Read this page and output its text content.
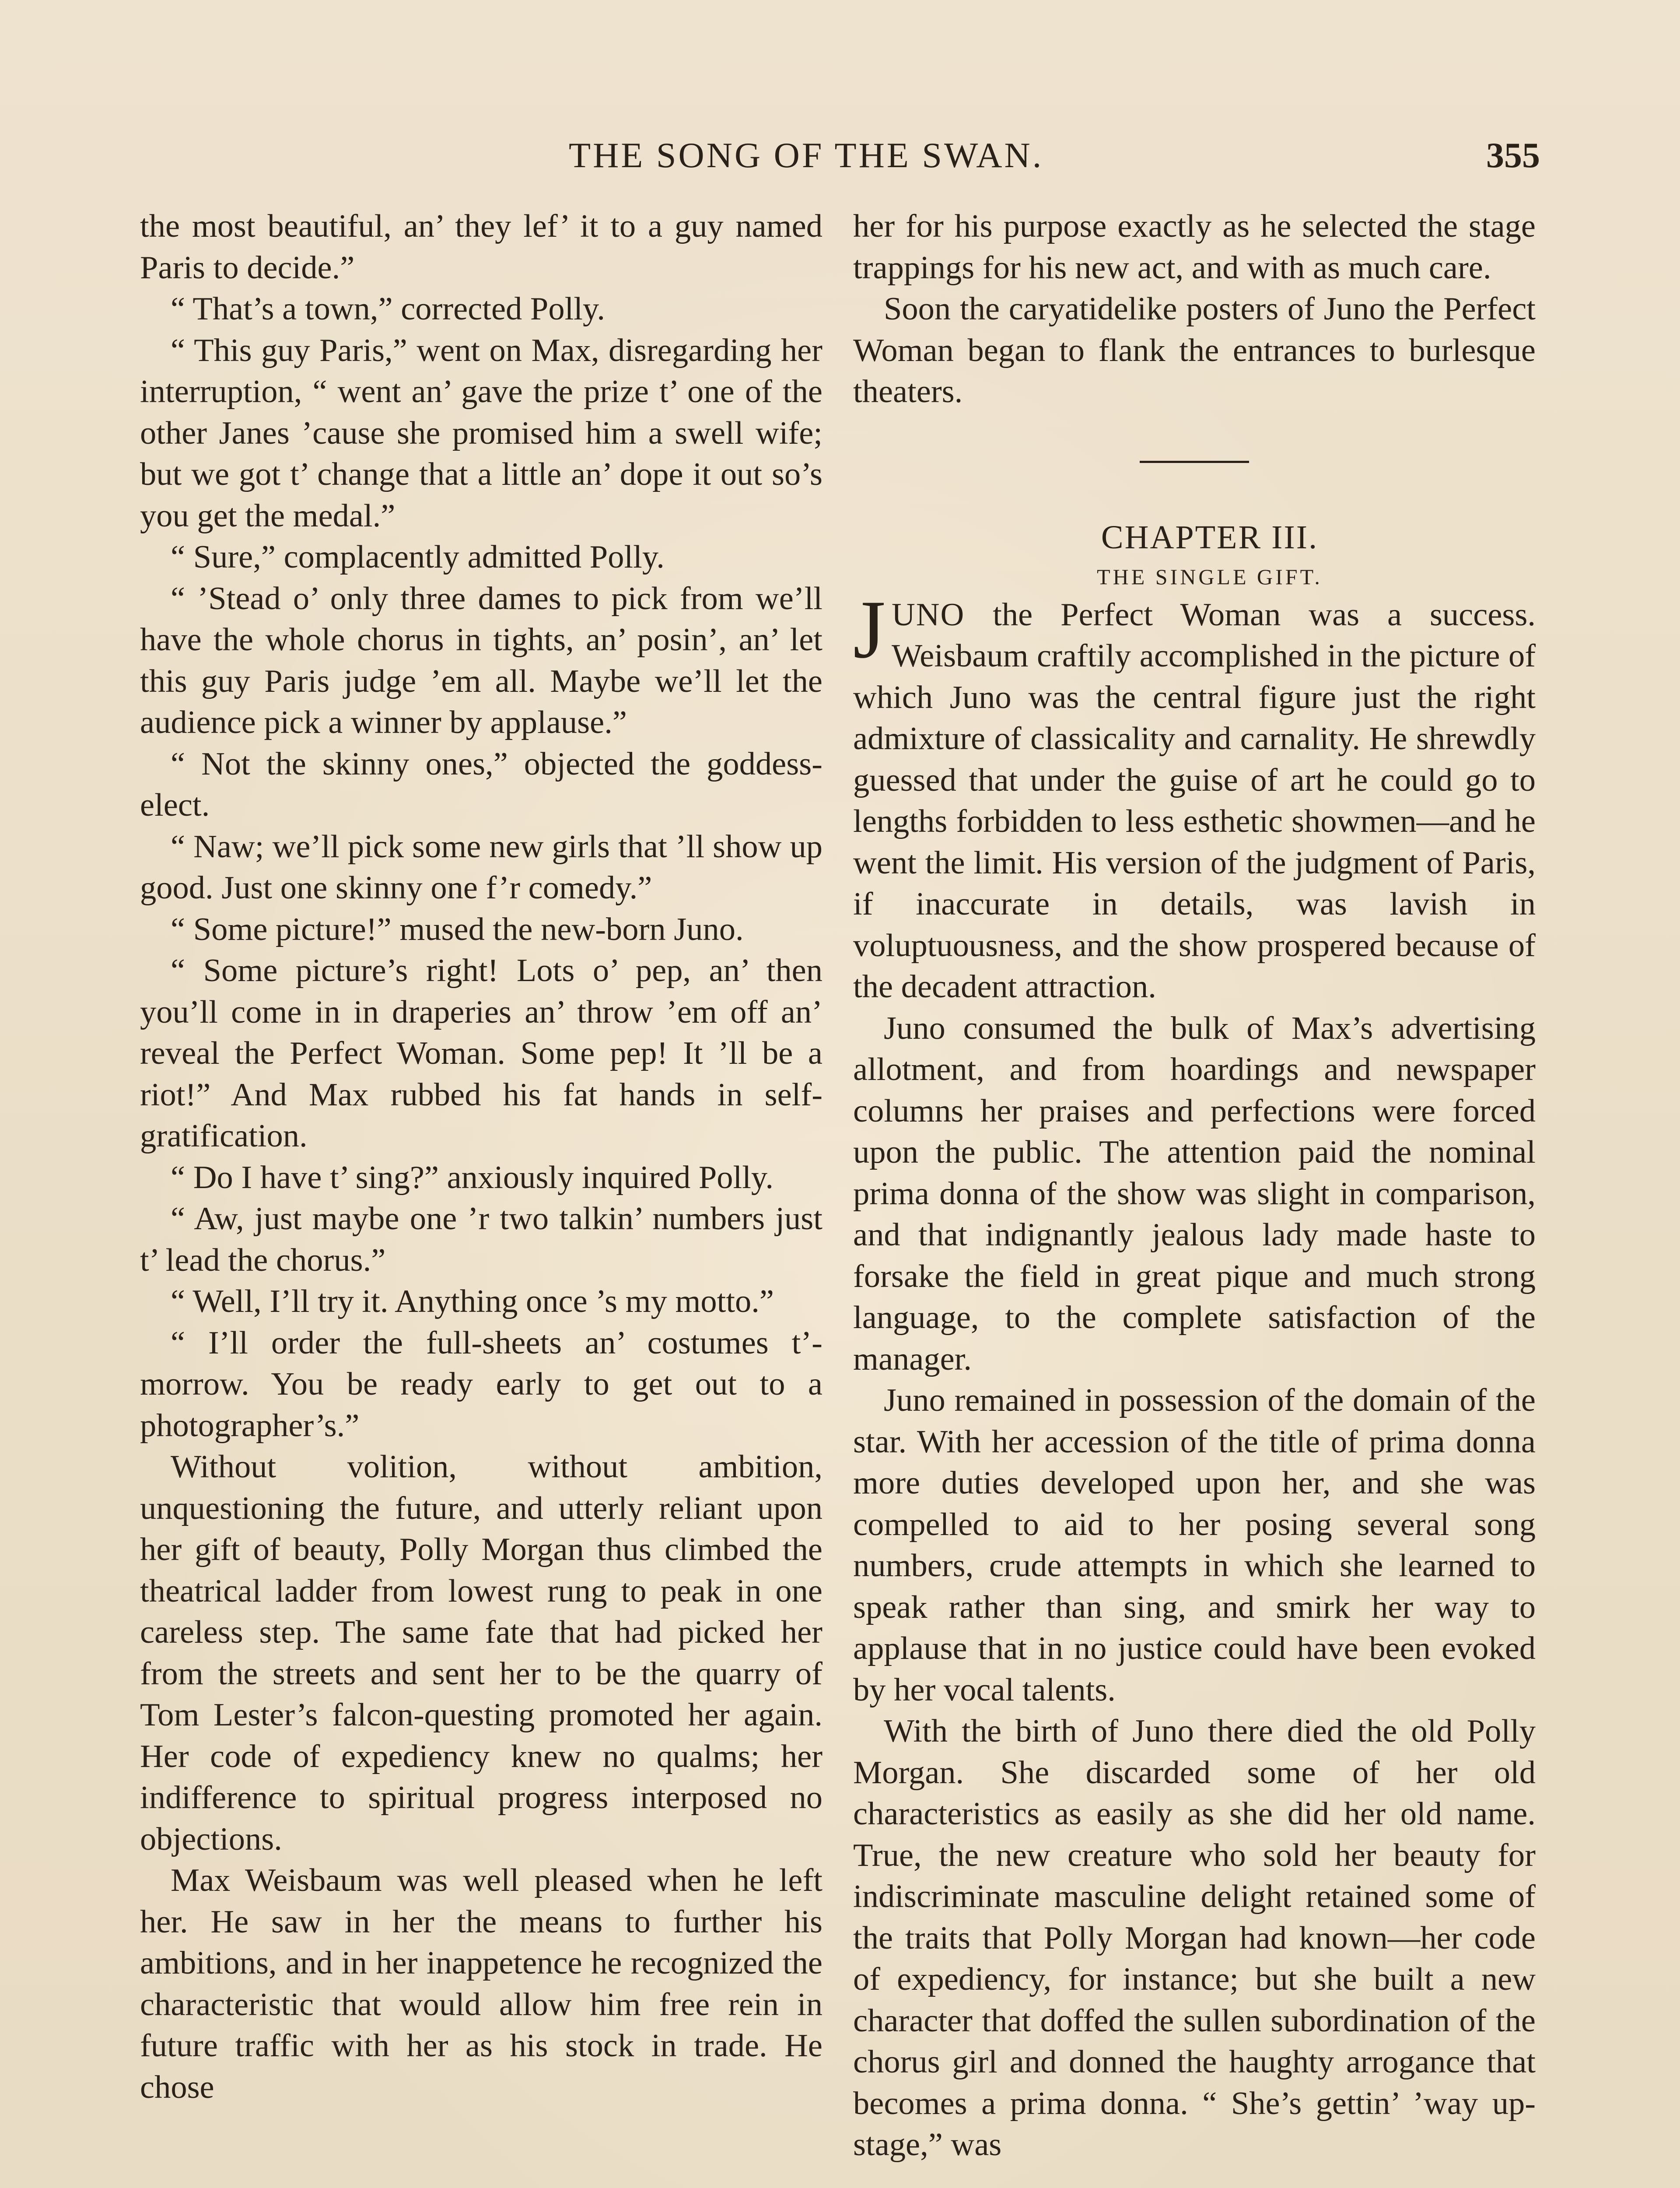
THE SONG OF THE SWAN.	355

the most beautiful, an’ they lef’ it to a guy named Paris to decide.”

“ That’s a town,” corrected Polly.

“ This guy Paris,” went on Max, disregarding her interruption, “ went an’ gave the prize t’ one of the other Janes ’cause she promised him a swell wife; but we got t’ change that a little an’ dope it out so’s you get the medal.”

“ Sure,” complacently admitted Polly.

“ ’Stead o’ only three dames to pick from we’ll have the whole chorus in tights, an’ posin’, an’ let this guy Paris judge ’em all. Maybe we’ll let the audience pick a winner by applause.”

“ Not the skinny ones,” objected the goddess-elect.

“ Naw; we’ll pick some new girls that ’ll show up good. Just one skinny one f’r comedy.”

“ Some picture!” mused the new-born Juno.

“ Some picture’s right! Lots o’ pep, an’ then you’ll come in in draperies an’ throw ’em off an’ reveal the Perfect Woman. Some pep! It ’ll be a riot!” And Max rubbed his fat hands in self-gratification.

“ Do I have t’ sing?” anxiously inquired Polly.

“ Aw, just maybe one ’r two talkin’ numbers just t’ lead the chorus.”

“ Well, I’ll try it. Anything once ’s my motto.”

“ I’ll order the full-sheets an’ costumes t’-morrow. You be ready early to get out to a photographer’s.”

Without volition, without ambition, unquestioning the future, and utterly reliant upon her gift of beauty, Polly Morgan thus climbed the theatrical ladder from lowest rung to peak in one careless step. The same fate that had picked her from the streets and sent her to be the quarry of Tom Lester’s falcon-questing promoted her again. Her code of expediency knew no qualms; her indifference to spiritual progress interposed no objections.

Max Weisbaum was well pleased when he left her. He saw in her the means to further his ambitions, and in her inappetence he recognized the characteristic that would allow him free rein in future traffic with her as his stock in trade. He chose

her for his purpose exactly as he selected the stage trappings for his new act, and with as much care.

Soon the caryatidelike posters of Juno the Perfect Woman began to flank the entrances to burlesque theaters.

CHAPTER III.

THE SINGLE GIFT.

JUNO the Perfect Woman was a success. Weisbaum craftily accomplished in the picture of which Juno was the central figure just the right admixture of classicality and carnality. He shrewdly guessed that under the guise of art he could go to lengths forbidden to less esthetic showmen—and he went the limit. His version of the judgment of Paris, if inaccurate in details, was lavish in voluptuousness, and the show prospered because of the decadent attraction.

Juno consumed the bulk of Max’s advertising allotment, and from hoardings and newspaper columns her praises and perfections were forced upon the public. The attention paid the nominal prima donna of the show was slight in comparison, and that indignantly jealous lady made haste to forsake the field in great pique and much strong language, to the complete satisfaction of the manager.

Juno remained in possession of the domain of the star. With her accession of the title of prima donna more duties developed upon her, and she was compelled to aid to her posing several song numbers, crude attempts in which she learned to speak rather than sing, and smirk her way to applause that in no justice could have been evoked by her vocal talents.

With the birth of Juno there died the old Polly Morgan. She discarded some of her old characteristics as easily as she did her old name. True, the new creature who sold her beauty for indiscriminate masculine delight retained some of the traits that Polly Morgan had known—her code of expediency, for instance; but she built a new character that doffed the sullen subordination of the chorus girl and donned the haughty arrogance that becomes a prima donna. “ She’s gettin’ ’way up-stage,” was
